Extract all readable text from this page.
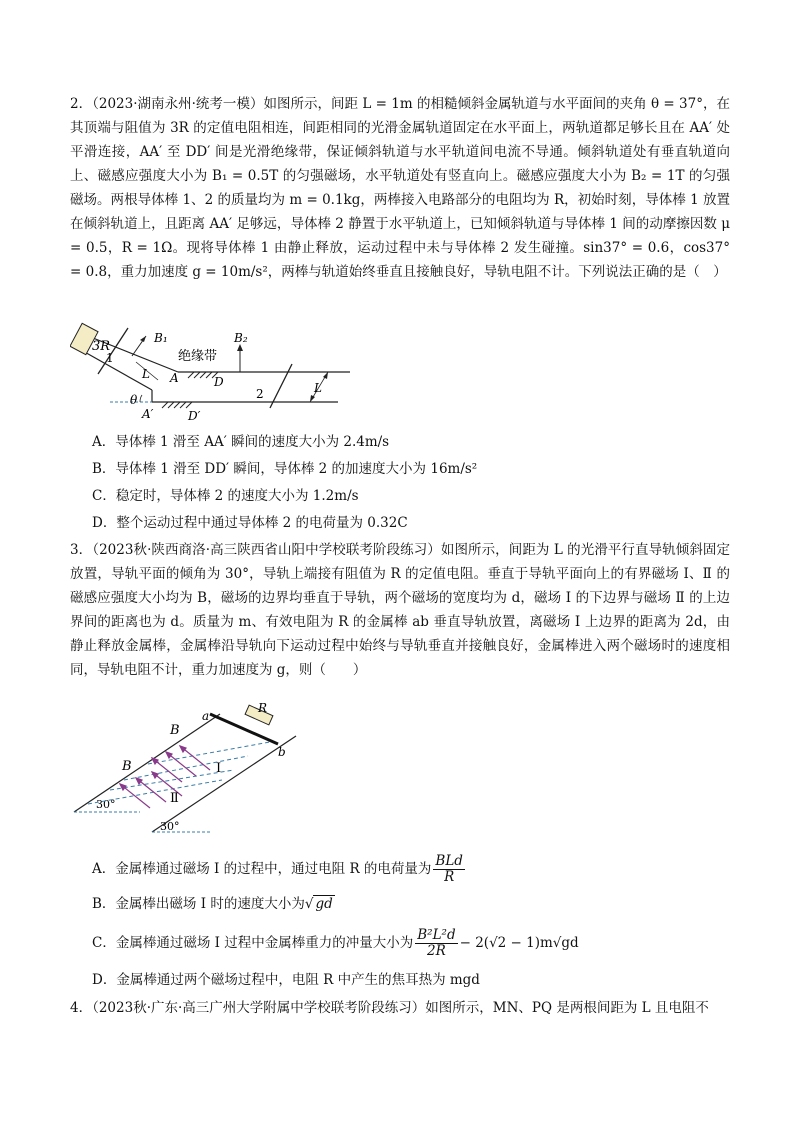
2．（2023·湖南永州·统考一模）如图所示，间距 L = 1m 的相糙倾斜金属轨道与水平面间的夹角 θ = 37°，在其顶端与阻值为 3R 的定值电阻相连，间距相同的光滑金属轨道固定在水平面上，两轨道都足够长且在 AA′ 处平滑连接，AA′ 至 DD′ 间是光滑绝缘带，保证倾斜轨道与水平轨道间电流不导通。倾斜轨道处有垂直轨道向上、磁感应强度大小为 B₁ = 0.5T 的匀强磁场，水平轨道处有竖直向上。磁感应强度大小为 B₂ = 1T 的匀强磁场。两根导体棒 1、2 的质量均为 m = 0.1kg，两棒接入电路部分的电阻均为 R，初始时刻，导体棒 1 放置在倾斜轨道上，且距离 AA′ 足够远，导体棒 2 静置于水平轨道上，已知倾斜轨道与导体棒 1 间的动摩擦因数 μ = 0.5，R = 1Ω。现将导体棒 1 由静止释放，运动过程中未与导体棒 2 发生碰撞。sin37° = 0.6，cos37° = 0.8，重力加速度 g = 10m/s²，两棒与轨道始终垂直且接触良好，导轨电阻不计。下列说法正确的是（　）

3R
1
B₁
L
绝缘带
A	D
A′	D′
θ
B₂
2	L

A．导体棒 1 滑至 AA′ 瞬间的速度大小为 2.4m/s

B．导体棒 1 滑至 DD′ 瞬间，导体棒 2 的加速度大小为 16m/s²

C．稳定时，导体棒 2 的速度大小为 1.2m/s

D．整个运动过程中通过导体棒 2 的电荷量为 0.32C

3．（2023秋·陕西商洛·高三陕西省山阳中学校联考阶段练习）如图所示，间距为 L 的光滑平行直导轨倾斜固定放置，导轨平面的倾角为 30°，导轨上端接有阻值为 R 的定值电阻。垂直于导轨平面向上的有界磁场 Ⅰ、Ⅱ 的磁感应强度大小均为 B，磁场的边界均垂直于导轨，两个磁场的宽度均为 d，磁场 Ⅰ 的下边界与磁场 Ⅱ 的上边界间的距离也为 d。质量为 m、有效电阻为 R 的金属棒 ab 垂直导轨放置，离磁场 Ⅰ 上边界的距离为 2d，由静止释放金属棒，金属棒沿导轨向下运动过程中始终与导轨垂直并接触良好，金属棒进入两个磁场时的速度相同，导轨电阻不计，重力加速度为 g，则（　　）

30°
30°
a
b
R
B
B	Ⅰ
Ⅱ
A．金属棒通过磁场 Ⅰ 的过程中，通过电阻 R 的电荷量为 $\frac{\text{BLd}}{R}$
B．金属棒出磁场 Ⅰ 时的速度大小为√ gd
C．金属棒通过磁场 Ⅰ 过程中金属棒重力的冲量大小为 $\frac{\text{B²L²d}}{2R} - 2(√2 - 1)m√gd$

D．金属棒通过两个磁场过程中，电阻 R 中产生的焦耳热为 mgd

4．（2023秋·广东·高三广州大学附属中学校联考阶段练习）如图所示，MN、PQ 是两根间距为 L 且电阻不
